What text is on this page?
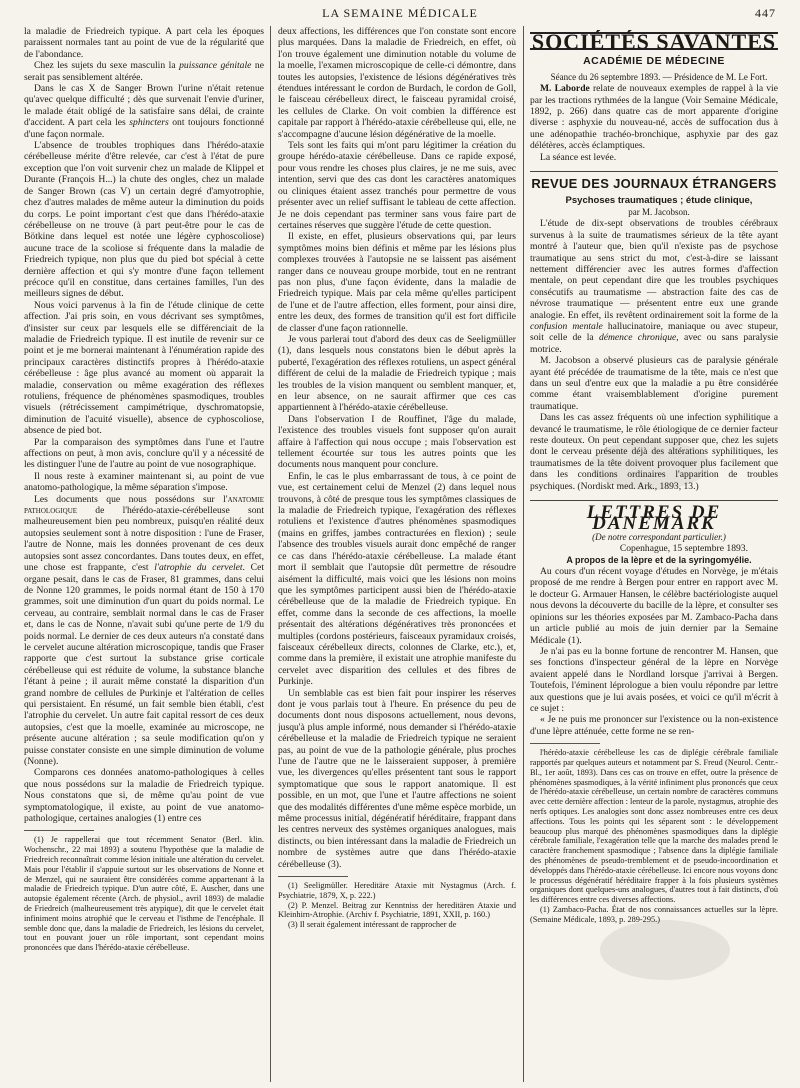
LA SEMAINE MÉDICALE	447

la maladie de Friedreich typique. A part cela les époques paraissent normales tant au point de vue de la régularité que de l'abondance.

Chez les sujets du sexe masculin la puissance génitale ne serait pas sensiblement altérée.

Dans le cas X de Sanger Brown l'urine n'était retenue qu'avec quelque difficulté ; dès que survenait l'envie d'uriner, le malade était obligé de la satisfaire sans délai, de crainte d'accident. A part cela les sphincters ont toujours fonctionné d'une façon normale.

L'absence de troubles trophiques dans l'hérédo-ataxie cérébelleuse mérite d'être relevée, car c'est à l'état de pure exception que l'on voit survenir chez un malade de Klippel et Durante (François H...) la chute des ongles, chez un malade de Sanger Brown (cas V) un certain degré d'amyotrophie, chez d'autres malades de même auteur la diminution du poids du corps. Le point important c'est que dans l'hérédo-ataxie cérébelleuse on ne trouve (à part peut-être pour le cas de Bötkine dans lequel est notée une légère cyphoscoliose) aucune trace de la scoliose si fréquente dans la maladie de Friedreich typique, non plus que du pied bot spécial à cette dernière affection et qui s'y montre d'une façon tellement précoce qu'il en constitue, dans certaines familles, l'un des meilleurs signes de début.

Nous voici parvenus à la fin de l'étude clinique de cette affection. J'ai pris soin, en vous décrivant ses symptômes, d'insister sur ceux par lesquels elle se différenciait de la maladie de Friedreich typique. Il est inutile de revenir sur ce point et je me bornerai maintenant à l'énumération rapide des principaux caractères distinctifs propres à l'hérédo-ataxie cérébelleuse : âge plus avancé au moment où apparait la maladie, conservation ou même exagération des réflexes rotuliens, fréquence de phénomènes spasmodiques, troubles visuels (rétrécissement campimétrique, dyschromatopsie, diminution de l'acuité visuelle), absence de cyphoscoliose, absence de pied bot.

Par la comparaison des symptômes dans l'une et l'autre affections on peut, à mon avis, conclure qu'il y a nécessité de les distinguer l'une de l'autre au point de vue nosographique.

Il nous reste à examiner maintenant si, au point de vue anatomo-pathologique, la même séparation s'impose.

Les documents que nous possédons sur l'anatomie pathologique de l'hérédo-ataxie-cérébelleuse sont malheureusement bien peu nombreux, puisqu'en réalité deux autopsies seulement sont à notre disposition : l'une de Fraser, l'autre de Nonne, mais les données provenant de ces deux autopsies sont assez concordantes. Dans toutes deux, en effet, une chose est frappante, c'est l'atrophie du cervelet. Cet organe pesait, dans le cas de Fraser, 81 grammes, dans celui de Nonne 120 grammes, le poids normal étant de 150 à 170 grammes, soit une diminution d'un quart du poids normal. Le cerveau, au contraire, semblait normal dans le cas de Fraser et, dans le cas de Nonne, n'avait subi qu'une perte de 1/9 du poids normal. Le dernier de ces deux auteurs n'a constaté dans le cervelet aucune altération microscopique, tandis que Fraser rapporte que c'est surtout la substance grise corticale cérébelleuse qui est réduite de volume, la substance blanche l'étant à peine ; il aurait même constaté la disparition d'un grand nombre de cellules de Purkinje et l'altération de celles qui persistaient. En résumé, un fait semble bien établi, c'est l'atrophie du cervelet. Un autre fait capital ressort de ces deux autopsies, c'est que la moelle, examinée au microscope, ne présente aucune altération ; sa seule modification qu'on y puisse constater consiste en une simple diminution de volume (Nonne).

Comparons ces données anatomo-pathologiques à celles que nous possédons sur la maladie de Friedreich typique. Nous constatons que si, de même qu'au point de vue symptomatologique, il existe, au point de vue anatomo-pathologique, certaines analogies (1) entre ces

(1) Je rappellerai que tout récemment Senator (Berl. klin. Wochenschr., 22 mai 1893) a soutenu l'hypothèse que la maladie de Friedreich reconnaîtrait comme lésion initiale une altération du cervelet. Mais pour l'établir il s'appuie surtout sur les observations de Nonne et de Menzel, qui ne sauraient être considérées comme appartenant à la maladie de Friedreich typique. D'un autre côté, E. Auscher, dans une autopsie également récente (Arch. de physiol., avril 1893) de maladie de Friedreich (malheureusement très atypique), dit que le cervelet était infiniment moins atrophié que le cerveau et l'isthme de l'encéphale. Il semble donc que, dans la maladie de Friedreich, les lésions du cervelet, tout en pouvant jouer un rôle important, sont cependant moins prononcées que dans l'hérédo-ataxie cérébelleuse.

deux affections, les différences que l'on constate sont encore plus marquées. Dans la maladie de Friedreich, en effet, où l'on trouve également une diminution notable du volume de la moelle, l'examen microscopique de celle-ci démontre, dans toutes les autopsies, l'existence de lésions dégénératives très étendues intéressant le cordon de Burdach, le cordon de Goll, le faisceau cérébelleux direct, le faisceau pyramidal croisé, les cellules de Clarke. On voit combien la différence est capitale par rapport à l'hérédo-ataxie cérébelleuse qui, elle, ne s'accompagne d'aucune lésion dégénérative de la moelle.

Tels sont les faits qui m'ont paru légitimer la création du groupe hérédo-ataxie cérébelleuse. Dans ce rapide exposé, pour vous rendre les choses plus claires, je ne me suis, avec intention, servi que des cas dont les caractères anatomiques ou cliniques étaient assez tranchés pour permettre de vous présenter avec un relief suffisant le tableau de cette affection. Je ne dois cependant pas terminer sans vous faire part de certaines réserves que suggère l'étude de cette question.

Il existe, en effet, plusieurs observations qui, par leurs symptômes moins bien définis et même par les lésions plus complexes trouvées à l'autopsie ne se laissent pas aisément ranger dans ce nouveau groupe morbide, tout en ne rentrant pas non plus, d'une façon évidente, dans la maladie de Friedreich typique. Mais par cela même qu'elles participent de l'une et de l'autre affection, elles forment, pour ainsi dire, entre les deux, des formes de transition qu'il est fort difficile de classer d'une façon rationnelle.

Je vous parlerai tout d'abord des deux cas de Seeligmüller (1), dans lesquels nous constatons bien le début après la puberté, l'exagération des réflexes rotuliens, un aspect général différent de celui de la maladie de Friedreich typique ; mais les troubles de la vision manquent ou semblent manquer, et, en leur absence, on ne saurait affirmer que ces cas appartiennent à l'hérédo-ataxie cérébelleuse.

Dans l'observation I de Rouffinet, l'âge du malade, l'existence des troubles visuels font supposer qu'on aurait affaire à l'affection qui nous occupe ; mais l'observation est tellement écourtée sur tous les autres points que les documents nous manquent pour conclure.

Enfin, le cas le plus embarrassant de tous, à ce point de vue, est certainement celui de Menzel (2) dans lequel nous trouvons, à côté de presque tous les symptômes classiques de la maladie de Friedreich typique, l'exagération des réflexes rotuliens et l'existence d'autres phénomènes spasmodiques (mains en griffes, jambes contracturées en flexion) ; seule l'absence des troubles visuels aurait donc empêché de ranger ce cas dans l'hérédo-ataxie cérébelleuse. La malade étant mort il semblait que l'autopsie dût permettre de résoudre aisément la difficulté, mais voici que les lésions non moins que les symptômes participent aussi bien de l'hérédo-ataxie cérébelleuse que de la maladie de Friedreich typique. En effet, comme dans la seconde de ces affections, la moelle présentait des altérations dégénératives très prononcées et multiples (cordons postérieurs, faisceaux pyramidaux croisés, faisceaux cérébelleux directs, colonnes de Clarke, etc.), et, comme dans la première, il existait une atrophie manifeste du cervelet avec disparition des cellules et des fibres de Purkinje.

Un semblable cas est bien fait pour inspirer les réserves dont je vous parlais tout à l'heure. En présence du peu de documents dont nous disposons actuellement, nous devons, jusqu'à plus ample informé, nous demander si l'hérédo-ataxie cérébelleuse et la maladie de Friedreich typique ne seraient pas, au point de vue de la pathologie générale, plus proches l'une de l'autre que ne le laisseraient supposer, à première vue, les divergences qu'elles présentent tant sous le rapport symptomatique que sous le rapport anatomique. Il est possible, en un mot, que l'une et l'autre affections ne soient que des modalités différentes d'une même espèce morbide, un même processus initial, dégénératif héréditaire, frappant dans les centres nerveux des systèmes organiques analogues, mais distincts, ou bien intéressant dans la maladie de Friedreich un nombre de systèmes autre que dans l'hérédo-ataxie cérébelleuse (3).

(1) Seeligmüller. Hereditäre Ataxie mit Nystagmus (Arch. f. Psychiatrie, 1879, X, p. 222.)

(2) P. Menzel. Beitrag zur Kenntniss der hereditären Ataxie und Kleinhirn-Atrophie. (Archiv f. Psychiatrie, 1891, XXII, p. 160.)

(3) Il serait également intéressant de rapprocher de

SOCIÉTÉS SAVANTES
ACADÉMIE DE MÉDECINE

Séance du 26 septembre 1893. — Présidence de M. Le Fort.

M. Laborde relate de nouveaux exemples de rappel à la vie par les tractions rythmées de la langue (Voir Semaine Médicale, 1892, p. 266) dans quatre cas de mort apparente d'origine diverse : asphyxie du nouveau-né, accès de suffocation dus à une adénopathie trachéo-bronchique, asphyxie par des gaz délétères, accès éclamptiques.

La séance est levée.

REVUE DES JOURNAUX ÉTRANGERS

Psychoses traumatiques ; étude clinique,

par M. Jacobson.

L'étude de dix-sept observations de troubles cérébraux survenus à la suite de traumatismes sérieux de la tête ayant montré à l'auteur que, bien qu'il n'existe pas de psychose traumatique au sens strict du mot, c'est-à-dire se laissant nettement différencier avec les autres formes d'affection mentale, on peut cependant dire que les troubles psychiques consécutifs au traumatisme — abstraction faite des cas de névrose traumatique — présentent entre eux une grande analogie. En effet, ils revêtent ordinairement soit la forme de la confusion mentale hallucinatoire, maniaque ou avec stupeur, soit celle de la démence chronique, avec ou sans paralysie motrice.

M. Jacobson a observé plusieurs cas de paralysie générale ayant été précédée de traumatisme de la tête, mais ce n'est que dans un seul d'entre eux que la maladie a pu être considérée comme étant vraisemblablement d'origine purement traumatique.

Dans les cas assez fréquents où une infection syphilitique a devancé le traumatisme, le rôle étiologique de ce dernier facteur reste douteux. On peut cependant supposer que, chez les sujets dont le cerveau présente déjà des altérations syphilitiques, les traumatismes de la tête doivent provoquer plus facilement que dans les conditions ordinaires l'apparition de troubles psychiques. (Nordiskt med. Ark., 1893, 13.)

LETTRES DE DANEMARK

(De notre correspondant particulier.)

Copenhague, 15 septembre 1893.

A propos de la lèpre et de la syringomyélie.

Au cours d'un récent voyage d'études en Norvège, je m'étais proposé de me rendre à Bergen pour entrer en rapport avec M. le docteur G. Armauer Hansen, le célèbre bactériologiste auquel nous devons la découverte du bacille de la lèpre, et consulter ses opinions sur les théories exposées par M. Zambaco-Pacha dans un article publié au mois de juin dernier par la Semaine Médicale (1).

Je n'ai pas eu la bonne fortune de rencontrer M. Hansen, que ses fonctions d'inspecteur général de la lèpre en Norvège avaient appelé dans le Nordland lorsque j'arrivai à Bergen. Toutefois, l'éminent léprologue a bien voulu répondre par lettre aux questions que je lui avais posées, et voici ce qu'il m'écrit à ce sujet :

« Je ne puis me prononcer sur l'existence ou la non-existence d'une lèpre atténuée, cette forme ne se ren-

l'hérédo-ataxie cérébelleuse les cas de diplégie cérébrale familiale rapportés par quelques auteurs et notamment par S. Freud (Neurol. Centr.-Bl., 1er août, 1893). Dans ces cas on trouve en effet, outre la présence de phénomènes spasmodiques, à la vérité infiniment plus prononcés que ceux de l'hérédo-ataxie cérébelleuse, un certain nombre de caractères communs avec cette dernière affection : lenteur de la parole, nystagmus, atrophie des nerfs optiques. Les analogies sont donc assez nombreuses entre ces deux affections. Tous les points qui les séparent sont : le développement beaucoup plus marqué des phénomènes spasmodiques dans la diplégie cérébrale familiale, l'exagération telle que la marche des malades prend le caractère franchement spasmodique ; l'absence dans la diplégie familiale des phénomènes de pseudo-tremblement et de pseudo-incoordination et développés dans l'hérédo-ataxie cérébelleuse. Ici encore nous voyons donc le processus dégénératif héréditaire frapper à la fois plusieurs systèmes organiques dont quelques-uns analogues, d'autres tout à fait distincts, d'où les différences entre ces diverses affections.

(1) Zambaco-Pacha. État de nos connaissances actuelles sur la lèpre. (Semaine Médicale, 1893, p. 289-295.)
